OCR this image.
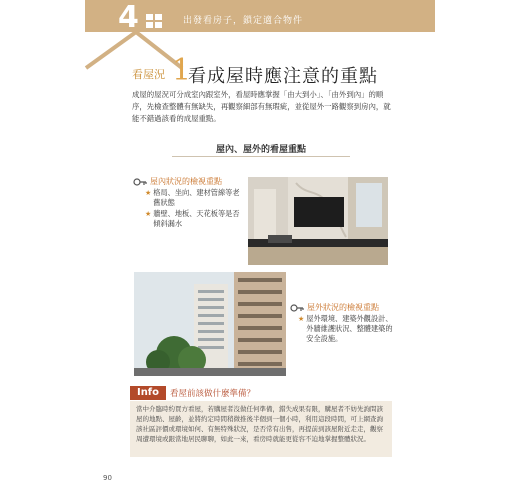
4	出發看房子，鎖定適合物件
看屋況 1
看成屋時應注意的重點

成屋的屋況可分成室內跟室外，看屋時應掌握「由大到小」、「由外到內」的順序，先檢查整體有無缺失，再觀察細部有無瑕疵，並從屋外一路觀察到房內，就能不錯過該看的成屋重點。

屋內、屋外的看屋重點
屋內狀況的檢視重點
★ 格局、坐向、建材管線等老舊狀態
★ 牆壁、地板、天花板等是否傾斜漏水
屋外狀況的檢視重點
★ 屋外環境、建築外觀設計、外牆維護狀況、整體建築的安全設施。
Info	看屋前該做什麼準備？
當中介臨時約買方看屋，若購屋者沒做任何準備，錯失成果有限，購屋者不妨先詢問該屋的地點、屋齡，並將約定時間稍微推後半個到一個小時，利用這段時間，可上網查詢該社區評價或環境如何、有無特殊狀況，是否常有出售，再提前到該屋附近走走，觀察周遭環境或跟當地居民聊聊，如此一來，看房時就能更從容不迫地掌握整體狀況。
90
